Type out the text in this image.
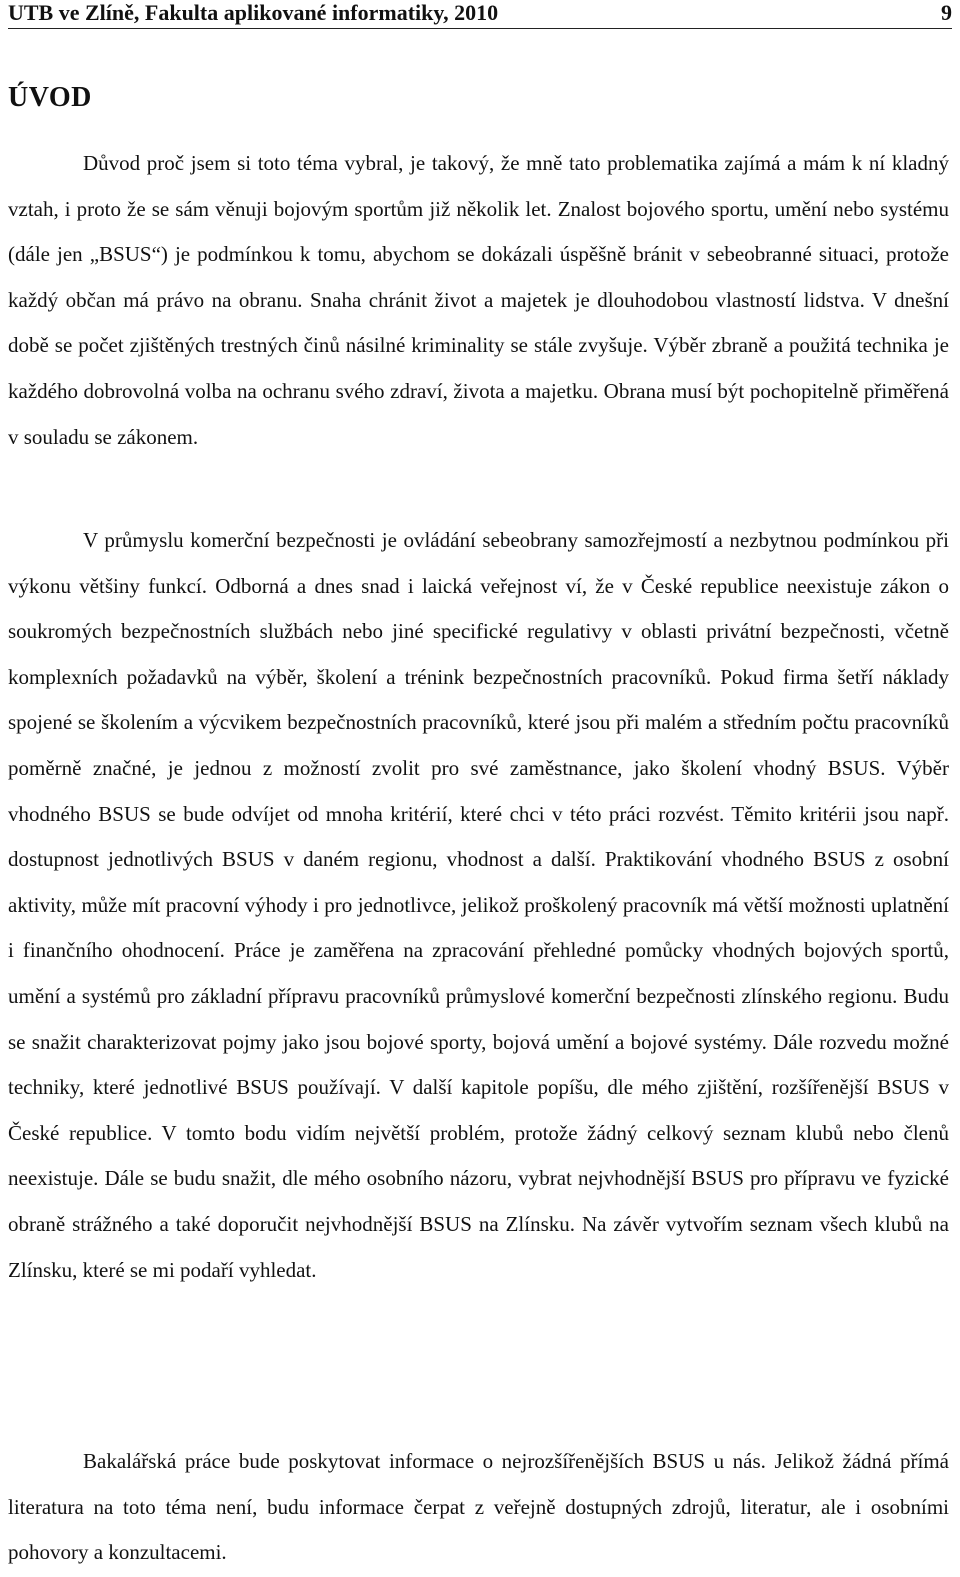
UTB ve Zlíně, Fakulta aplikované informatiky, 2010	9
ÚVOD

Důvod proč jsem si toto téma vybral, je takový, že mně tato problematika zajímá a mám k ní kladný vztah, i proto že se sám věnuji bojovým sportům již několik let. Znalost bojového sportu, umění nebo systému (dále jen „BSUS“) je podmínkou k tomu, abychom se dokázali úspěšně bránit v sebeobranné situaci, protože každý občan má právo na obranu. Snaha chránit život a majetek je dlouhodobou vlastností lidstva. V dnešní době se počet zjištěných trestných činů násilné kriminality se stále zvyšuje. Výběr zbraně a použitá technika je každého dobrovolná volba na ochranu svého zdraví, života a majetku. Obrana musí být pochopitelně přiměřená v souladu se zákonem.

V průmyslu komerční bezpečnosti je ovládání sebeobrany samozřejmostí a nezbytnou podmínkou při výkonu většiny funkcí. Odborná a dnes snad i laická veřejnost ví, že v České republice neexistuje zákon o soukromých bezpečnostních službách nebo jiné specifické regulativy v oblasti privátní bezpečnosti, včetně komplexních požadavků na výběr, školení a trénink bezpečnostních pracovníků. Pokud firma šetří náklady spojené se školením a výcvikem bezpečnostních pracovníků, které jsou při malém a středním počtu pracovníků poměrně značné, je jednou z možností zvolit pro své zaměstnance, jako školení vhodný BSUS. Výběr vhodného BSUS se bude odvíjet od mnoha kritérií, které chci v této práci rozvést. Těmito kritérii jsou např. dostupnost jednotlivých BSUS v daném regionu, vhodnost a další. Praktikování vhodného BSUS z osobní aktivity, může mít pracovní výhody i pro jednotlivce, jelikož proškolený pracovník má větší možnosti uplatnění i finančního ohodnocení. Práce je zaměřena na zpracování přehledné pomůcky vhodných bojových sportů, umění a systémů pro základní přípravu pracovníků průmyslové komerční bezpečnosti zlínského regionu. Budu se snažit charakterizovat pojmy jako jsou bojové sporty, bojová umění a bojové systémy. Dále rozvedu možné techniky, které jednotlivé BSUS používají. V další kapitole popíšu, dle mého zjištění, rozšířenější BSUS v České republice. V tomto bodu vidím největší problém, protože žádný celkový seznam klubů nebo členů neexistuje. Dále se budu snažit, dle mého osobního názoru, vybrat nejvhodnější BSUS pro přípravu ve fyzické obraně strážného a také doporučit nejvhodnější BSUS na Zlínsku. Na závěr vytvořím seznam všech klubů na Zlínsku, které se mi podaří vyhledat.

Bakalářská práce bude poskytovat informace o nejrozšířenějších BSUS u nás. Jelikož žádná přímá literatura na toto téma není, budu informace čerpat z veřejně dostupných zdrojů, literatur, ale i osobními pohovory a konzultacemi.
